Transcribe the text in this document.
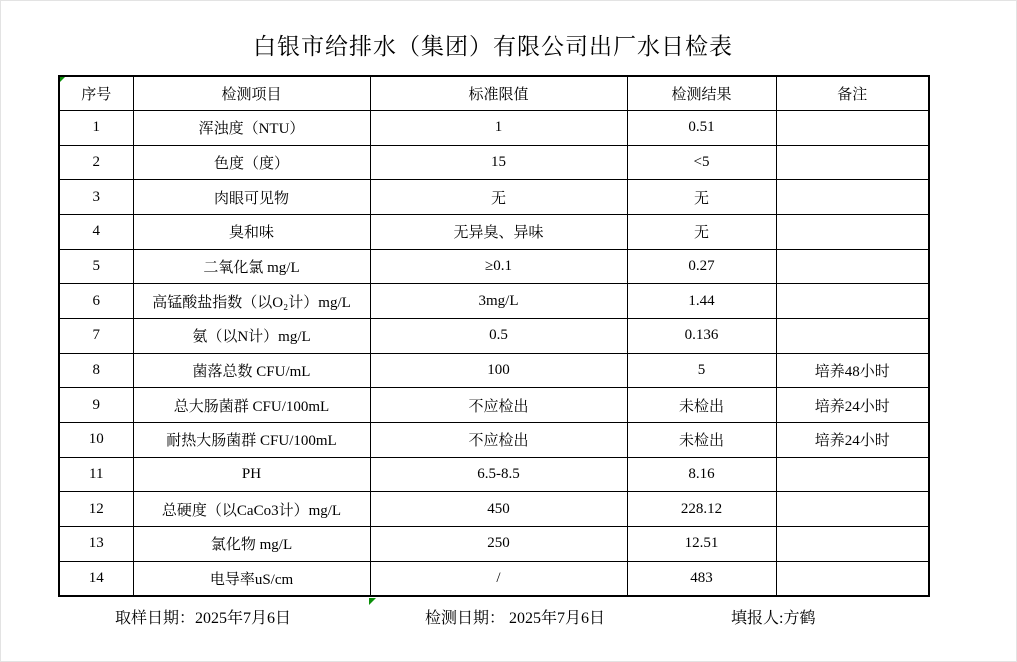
白银市给排水（集团）有限公司出厂水日检表
序号	检测项目	标准限值	检测结果	备注
1	浑浊度（NTU）	1	0.51	
2	色度（度）	15	<5	
3	肉眼可见物	无	无	
4	臭和味	无异臭、异味	无	
5	二氧化氯 mg/L	≥0.1	0.27	
6	高锰酸盐指数（以O₂计）mg/L	3mg/L	1.44	
7	氨（以N计）mg/L	0.5	0.136	
8	菌落总数 CFU/mL	100	5	培养48小时
9	总大肠菌群 CFU/100mL	不应检出	未检出	培养24小时
10	耐热大肠菌群 CFU/100mL	不应检出	未检出	培养24小时
11	PH	6.5-8.5	8.16	
12	总硬度（以CaCo3计）mg/L	450	228.12	
13	氯化物 mg/L	250	12.51	
14	电导率uS/cm	/	483	
取样日期：2025年7月6日	检测日期： 2025年7月6日	填报人:方鹤
